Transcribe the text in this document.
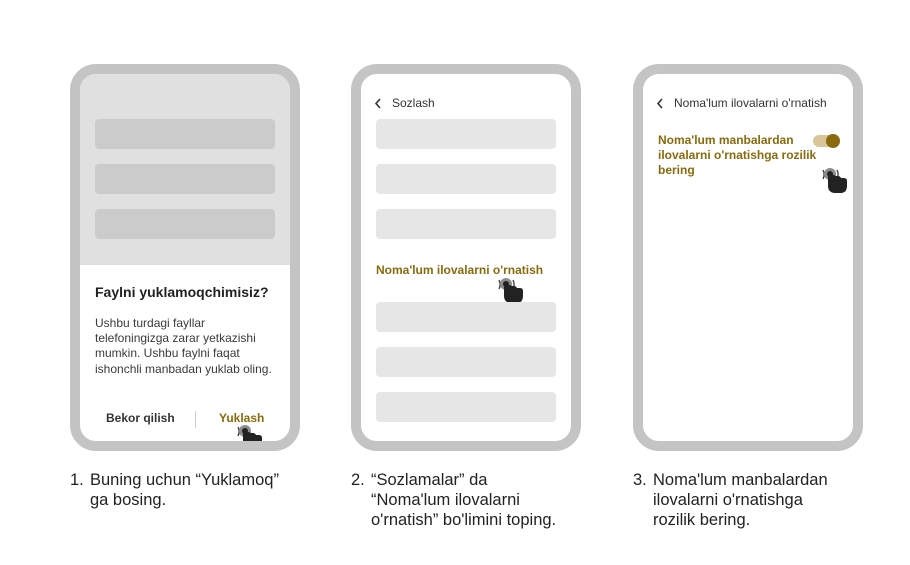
Faylni yuklamoqchimisiz?
Ushbu turdagi fayllar telefoningizga zarar yetkazishi mumkin. Ushbu faylni faqat ishonchli manbadan yuklab oling.
Bekor qilish	Yuklash
Sozlash
Noma'lum ilovalarni o'rnatish
Noma'lum ilovalarni o'rnatish
Noma'lum manbalardan ilovalarni o'rnatishga rozilik bering
1. Buning uchun “Yuklamoq”
ga bosing.
2. “Sozlamalar” da
“Noma'lum ilovalarni
o'rnatish” bo'limini toping.
3. Noma'lum manbalardan
ilovalarni o'rnatishga
rozilik bering.
